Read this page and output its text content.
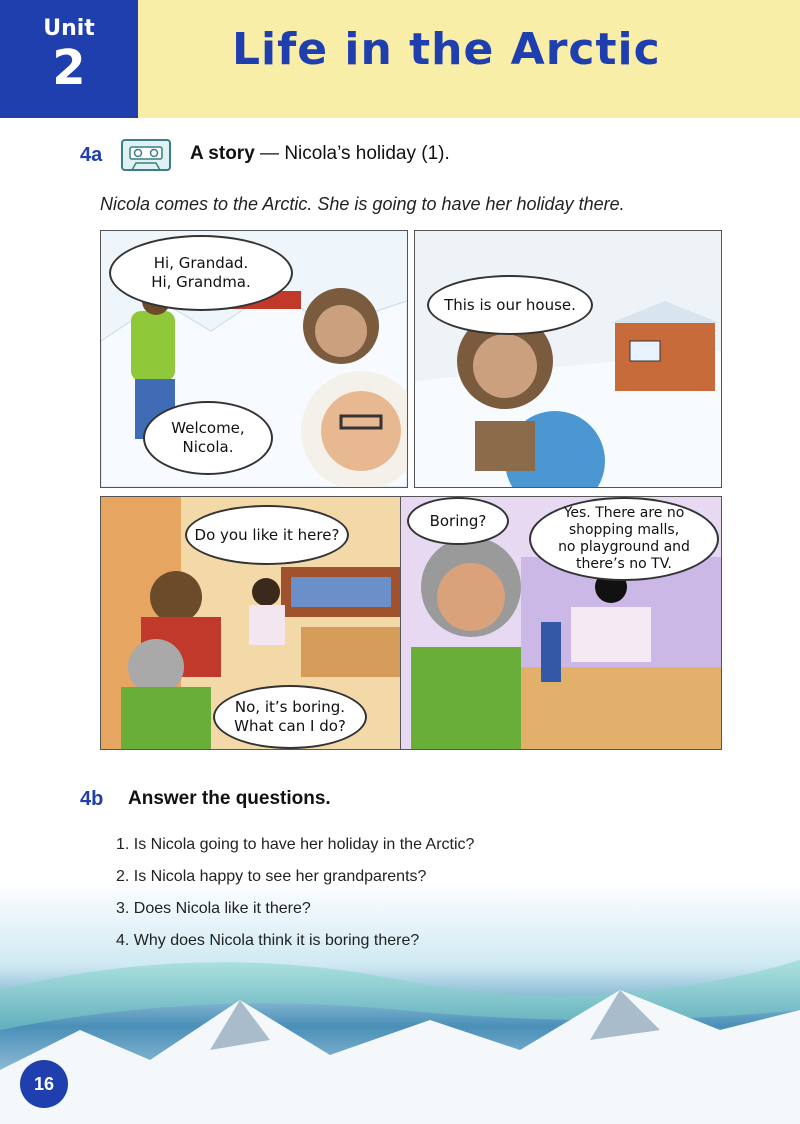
Unit
2	Life in the Arctic
4a	A story — Nicola’s holiday (1).
Nicola comes to the Arctic. She is going to have her holiday there.
Hi, Grandad.
Hi, Grandma.
Welcome,
Nicola.
This is our house.
Do you like it here?
No, it’s boring.
What can I do?
Boring?	Yes. There are no
shopping malls,
no playground and
there’s no TV.
4b Answer the questions.
1. Is Nicola going to have her holiday in the Arctic?
2. Is Nicola happy to see her grandparents?
3. Does Nicola like it there?
4. Why does Nicola think it is boring there?
16
